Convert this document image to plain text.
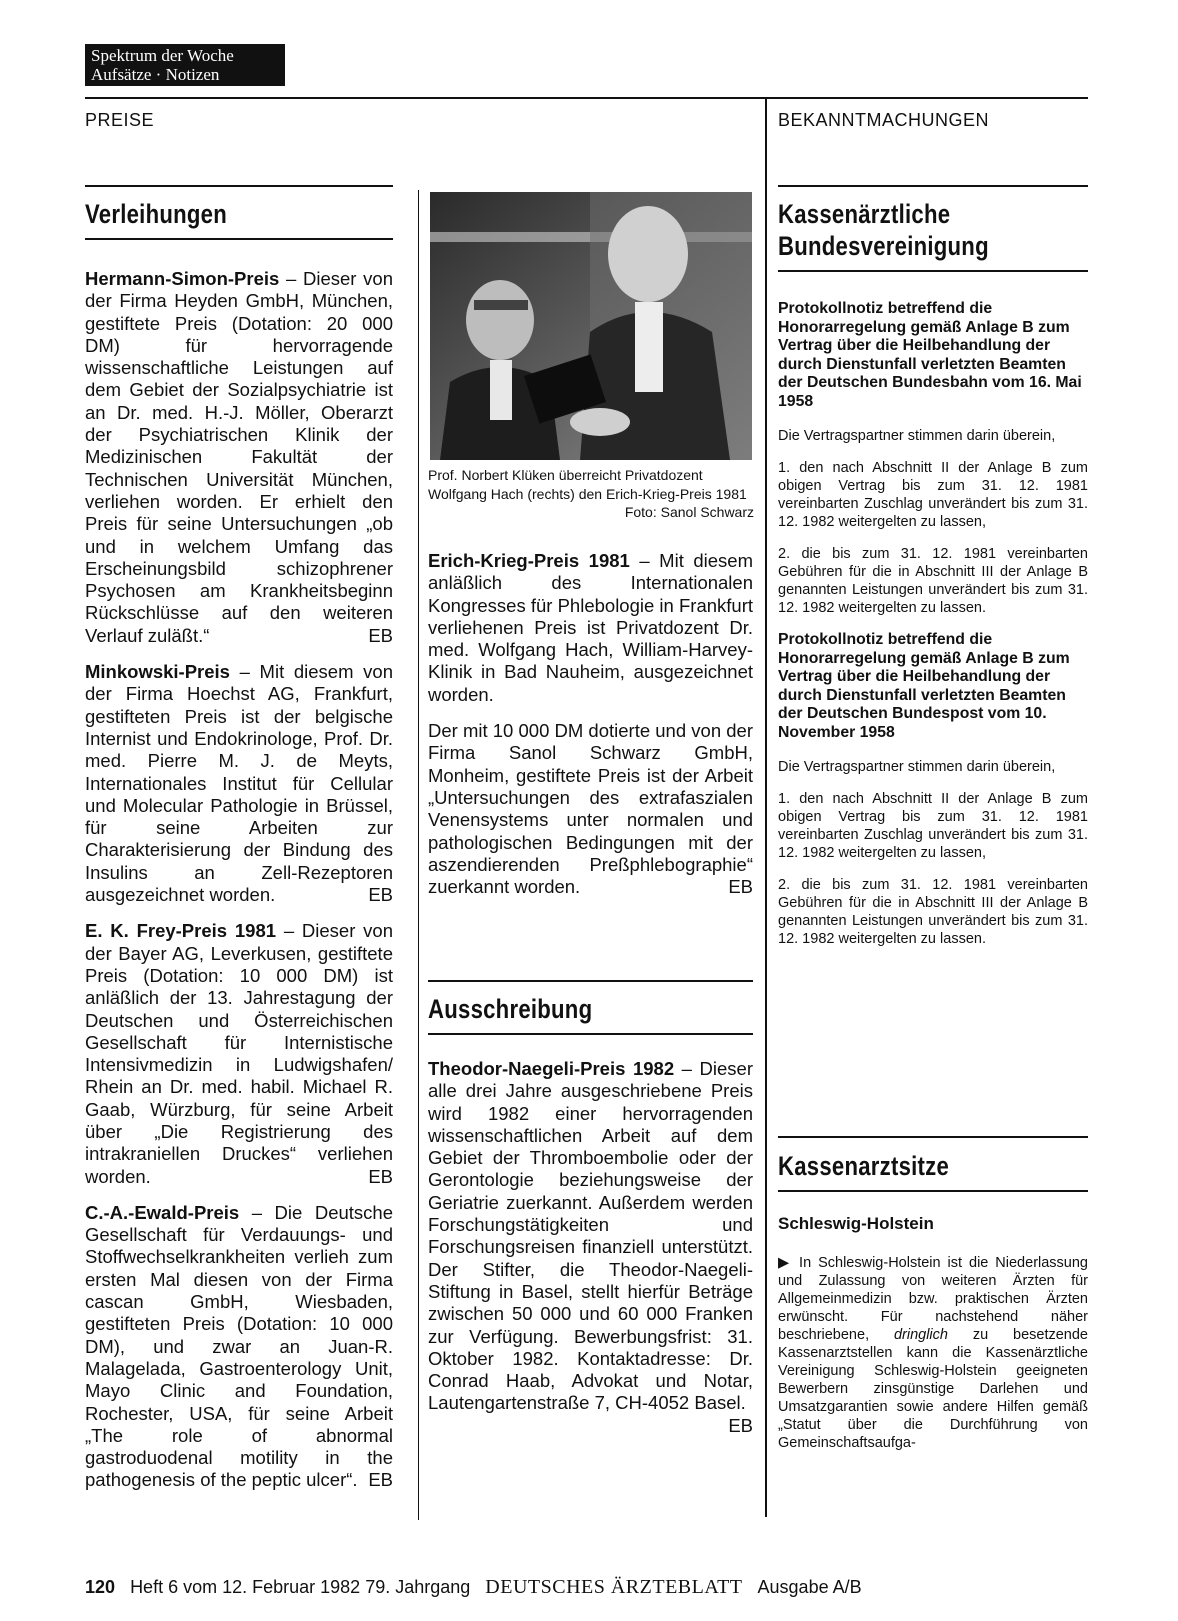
Spektrum der Woche
Aufsätze · Notizen
PREISE	BEKANNTMACHUNGEN
Verleihungen

Hermann-Simon-Preis – Dieser von der Firma Heyden GmbH, München, gestiftete Preis (Dotation: 20 000 DM) für hervorragende wissenschaftliche Leistungen auf dem Gebiet der Sozialpsychiatrie ist an Dr. med. H.-J. Möller, Oberarzt der Psychiatrischen Klinik der Medizinischen Fakultät der Technischen Universität München, verliehen worden. Er erhielt den Preis für seine Untersuchungen „ob und in welchem Umfang das Erscheinungsbild schizophrener Psychosen am Krankheitsbeginn Rückschlüsse auf den weiteren Verlauf zuläßt.“	EB

Minkowski-Preis – Mit diesem von der Firma Hoechst AG, Frankfurt, gestifteten Preis ist der belgische Internist und Endokrinologe, Prof. Dr. med. Pierre M. J. de Meyts, Internationales Institut für Cellular und Molecular Pathologie in Brüssel, für seine Arbeiten zur Charakterisierung der Bindung des Insulins an Zell-Rezeptoren ausgezeichnet worden.	EB

E. K. Frey-Preis 1981 – Dieser von der Bayer AG, Leverkusen, gestiftete Preis (Dotation: 10 000 DM) ist anläßlich der 13. Jahrestagung der Deutschen und Österreichischen Gesellschaft für Internistische Intensivmedizin in Ludwigshafen/ Rhein an Dr. med. habil. Michael R. Gaab, Würzburg, für seine Arbeit über „Die Registrierung des intrakraniellen Druckes“ verliehen worden.	EB

C.-A.-Ewald-Preis – Die Deutsche Gesellschaft für Verdauungs- und Stoffwechselkrankheiten verlieh zum ersten Mal diesen von der Firma cascan GmbH, Wiesbaden, gestifteten Preis (Dotation: 10 000 DM), und zwar an Juan-R. Malagelada, Gastroenterology Unit, Mayo Clinic and Foundation, Rochester, USA, für seine Arbeit „The role of abnormal gastroduodenal motility in the pathogenesis of the peptic ulcer“. EB

Prof. Norbert Klüken überreicht Privatdozent Wolfgang Hach (rechts) den Erich-Krieg-Preis 1981
Foto: Sanol Schwarz

Erich-Krieg-Preis 1981 – Mit diesem anläßlich des Internationalen Kongresses für Phlebologie in Frankfurt verliehenen Preis ist Privatdozent Dr. med. Wolfgang Hach, William-Harvey-Klinik in Bad Nauheim, ausgezeichnet worden.

Der mit 10 000 DM dotierte und von der Firma Sanol Schwarz GmbH, Monheim, gestiftete Preis ist der Arbeit „Untersuchungen des extrafaszialen Venensystems unter normalen und pathologischen Bedingungen mit der aszendierenden Preßphlebographie“ zuerkannt worden.	EB

Ausschreibung

Theodor-Naegeli-Preis 1982 – Dieser alle drei Jahre ausgeschriebene Preis wird 1982 einer hervorragenden wissenschaftlichen Arbeit auf dem Gebiet der Thromboembolie oder der Gerontologie beziehungsweise der Geriatrie zuerkannt. Außerdem werden Forschungstätigkeiten und Forschungsreisen finanziell unterstützt. Der Stifter, die Theodor-Naegeli-Stiftung in Basel, stellt hierfür Beträge zwischen 50 000 und 60 000 Franken zur Verfügung. Bewerbungsfrist: 31. Oktober 1982. Kontaktadresse: Dr. Conrad Haab, Advokat und Notar, Lautengartenstraße 7, CH-4052 Basel.
EB

Kassenärztliche Bundesvereinigung

Protokollnotiz betreffend die Honorarregelung gemäß Anlage B zum Vertrag über die Heilbehandlung der durch Dienstunfall verletzten Beamten der Deutschen Bundesbahn vom 16. Mai 1958

Die Vertragspartner stimmen darin überein,

1. den nach Abschnitt II der Anlage B zum obigen Vertrag bis zum 31. 12. 1981 vereinbarten Zuschlag unverändert bis zum 31. 12. 1982 weitergelten zu lassen,

2. die bis zum 31. 12. 1981 vereinbarten Gebühren für die in Abschnitt III der Anlage B genannten Leistungen unverändert bis zum 31. 12. 1982 weitergelten zu lassen.

Protokollnotiz betreffend die Honorarregelung gemäß Anlage B zum Vertrag über die Heilbehandlung der durch Dienstunfall verletzten Beamten der Deutschen Bundespost vom 10. November 1958

Die Vertragspartner stimmen darin überein,

1. den nach Abschnitt II der Anlage B zum obigen Vertrag bis zum 31. 12. 1981 vereinbarten Zuschlag unverändert bis zum 31. 12. 1982 weitergelten zu lassen,

2. die bis zum 31. 12. 1981 vereinbarten Gebühren für die in Abschnitt III der Anlage B genannten Leistungen unverändert bis zum 31. 12. 1982 weitergelten zu lassen.

Kassenarztsitze
Schleswig-Holstein

▶ In Schleswig-Holstein ist die Niederlassung und Zulassung von weiteren Ärzten für Allgemeinmedizin bzw. praktischen Ärzten erwünscht. Für nachstehend näher beschriebene, dringlich zu besetzende Kassenarztstellen kann die Kassenärztliche Vereinigung Schleswig-Holstein geeigneten Bewerbern zinsgünstige Darlehen und Umsatzgarantien sowie andere Hilfen gemäß „Statut über die Durchführung von Gemeinschaftsaufga-

120 Heft 6 vom 12. Februar 1982 79. Jahrgang DEUTSCHES ÄRZTEBLATT Ausgabe A/B
